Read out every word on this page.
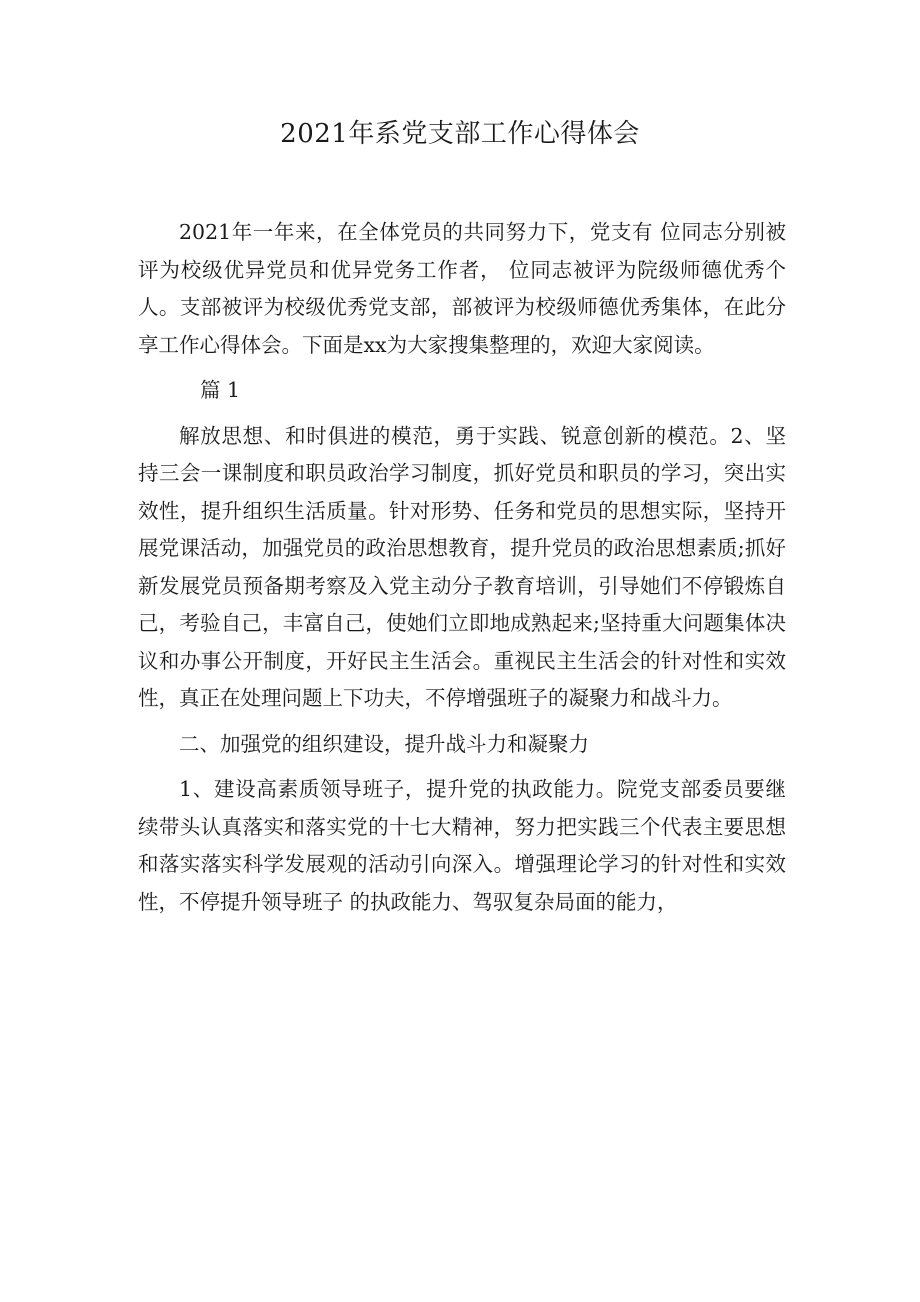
2021年系党支部工作心得体会

2021年一年来，在全体党员的共同努力下，党支有 位同志分别被评为校级优异党员和优异党务工作者， 位同志被评为院级师德优秀个人。支部被评为校级优秀党支部，部被评为校级师德优秀集体，在此分享工作心得体会。下面是xx为大家搜集整理的，欢迎大家阅读。

篇 1

解放思想、和时俱进的模范，勇于实践、锐意创新的模范。2、坚持三会一课制度和职员政治学习制度，抓好党员和职员的学习，突出实效性，提升组织生活质量。针对形势、任务和党员的思想实际，坚持开展党课活动，加强党员的政治思想教育，提升党员的政治思想素质;抓好新发展党员预备期考察及入党主动分子教育培训，引导她们不停锻炼自己，考验自己，丰富自己，使她们立即地成熟起来;坚持重大问题集体决议和办事公开制度，开好民主生活会。重视民主生活会的针对性和实效性，真正在处理问题上下功夫，不停增强班子的凝聚力和战斗力。

二、加强党的组织建设，提升战斗力和凝聚力

1、建设高素质领导班子，提升党的执政能力。院党支部委员要继续带头认真落实和落实党的十七大精神，努力把实践三个代表主要思想和落实落实科学发展观的活动引向深入。增强理论学习的针对性和实效性，不停提升领导班子 的执政能力、驾驭复杂局面的能力，
